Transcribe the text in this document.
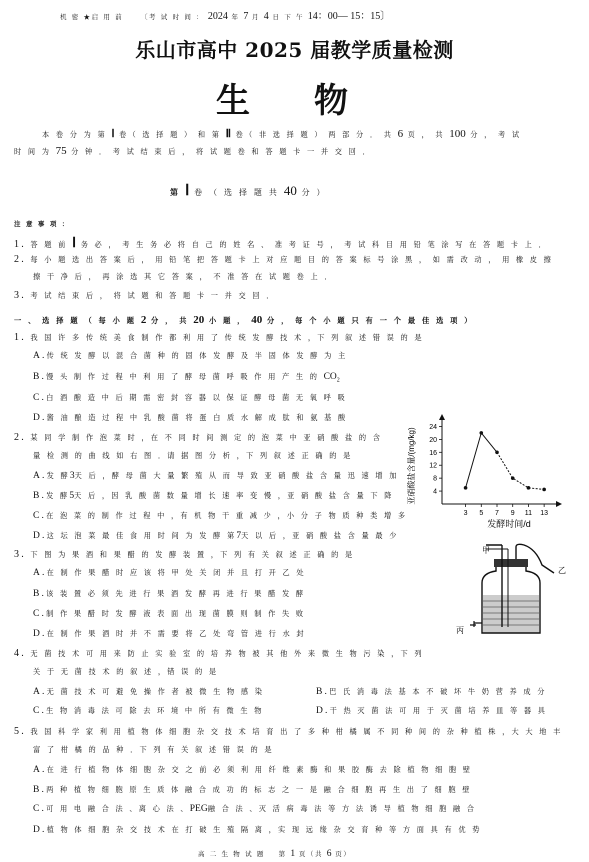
机 密 ★启 用 前	〔考 试 时 间 ： 2024 年 7 月 4 日 下 午 14：00— 15：15〕
乐山市高中 2025 届教学质量检测
生物
本 卷 分 为 第 Ⅰ 卷（ 选 择 题 ） 和 第 Ⅱ 卷（ 非 选 择 题 ） 两 部 分 ． 共 6 页 ， 共 100 分 ， 考 试
时 间 为 75 分 钟 ． 考 试 结 束 后 ， 将 试 题 卷 和 答 题 卡 一 并 交 回 ．
第 Ⅰ 卷 （ 选 择 题 共 40 分 ）
注 意 事 项 ：
1. 答 题 前 Ⅰ 务 必 ， 考 生 务 必 将 自 己 的 姓 名 、 准 考 证 号 ， 考 试 科 目 用 铅 笔 涂 写 在 答 题 卡 上 ．
2. 每 小 题 选 出 答 案 后 ， 用 铅 笔 把 答 题 卡 上 对 应 题 目 的 答 案 标 号 涂 黑 ， 如 需 改 动 ， 用 橡 皮 擦
擦 干 净 后 ， 再 涂 选 其 它 答 案 ， 不 准 答 在 试 题 卷 上 ．
3. 考 试 结 束 后 ， 将 试 题 和 答 题 卡 一 并 交 回 ．
一 、 选 择 题 （ 每 小 题 2 分 ， 共 20 小 题 ， 40 分 ， 每 个 小 题 只 有 一 个 最 佳 选 项 ）
1. 我 国 许 多 传 统 美 食 制 作 都 利 用 了 传 统 发 酵 技 术 ，下 列 叙 述 错 误 的 是
A.传 统 发 酵 以 混 合 菌 种 的 固 体 发 酵 及 半 固 体 发 酵 为 主
B.馒 头 制 作 过 程 中 利 用 了 酵 母 菌 呼 吸 作 用 产 生 的 $CO_2$
C.白 酒 酿 造 中 后 期 需 密 封 容 器 以 保 证 酵 母 菌 无 氧 呼 吸
D.酱 油 酿 造 过 程 中 乳 酸 菌 将 蛋 白 质 水 解 成 肽 和 氨 基 酸
2. 某 同 学 制 作 泡 菜 时 ，在 不 同 时 间 测 定 的 泡 菜 中 亚 硝 酸 盐 的 含
量 检 测 的 曲 线 如 右 图 ．请 据 图 分 析 ，下 列 叙 述 正 确 的 是
A.发 酵3天 后 ，酵 母 菌 大 量 繁 殖 从 而 导 致 亚 硝 酸 盐 含 量 迅 速 增 加
B.发 酵5天 后 ，因 乳 酸 菌 数 量 增 长 速 率 变 慢 ，亚 硝 酸 盐 含 量 下 降
C.在 泡 菜 的 制 作 过 程 中 ，有 机 物 干 重 减 少 ，小 分 子 物 质 种 类 增 多
D.这 坛 泡 菜 最 佳 食 用 时 间 为 发 酵 第7天 以 后 ，亚 硝 酸 盐 含 量 最 少
3. 下 图 为 果 酒 和 果 醋 的 发 酵 装 置 ，下 列 有 关 叙 述 正 确 的 是
A.在 制 作 果 醋 时 应 该 将 甲 处 关 闭 并 且 打 开 乙 处
B.该 装 置 必 须 先 进 行 果 酒 发 酵 再 进 行 果 醋 发 酵
C.制 作 果 醋 时 发 酵 液 表 面 出 现 菌 膜 则 制 作 失 败
D.在 制 作 果 酒 时 并 不 需 要 将 乙 处 弯 管 进 行 水 封
4. 无 菌 技 术 可 用 来 防 止 实 验 室 的 培 养 物 被 其 他 外 来 微 生 物 污 染 ，下 列
关 于 无 菌 技 术 的 叙 述 ，错 误 的 是
A.无 菌 技 术 可 避 免 操 作 者 被 微 生 物 感 染	B.巴 氏 消 毒 法 基 本 不 破 坏 牛 奶 营 养 成 分
C.生 物 消 毒 法 可 除 去 环 境 中 所 有 微 生 物	D.干 热 灭 菌 法 可 用 于 灭 菌 培 养 皿 等 器 具
5. 我 国 科 学 家 利 用 植 物 体 细 胞 杂 交 技 术 培 育 出 了 多 种 柑 橘 属 不 同 种 间 的 杂 种 植 株 ，大 大 地 丰
富 了 柑 橘 的 品 种 ．下 列 有 关 叙 述 错 误 的 是
A.在 进 行 植 物 体 细 胞 杂 交 之 前 必 须 利 用 纤 维 素 酶 和 果 胶 酶 去 除 植 物 细 胞 壁
B.两 种 植 物 细 胞 原 生 质 体 融 合 成 功 的 标 志 之 一 是 融 合 细 胞 再 生 出 了 细 胞 壁
C.可 用 电 融 合 法 、离 心 法 、PEG融 合 法 、灭 活 病 毒 法 等 方 法 诱 导 植 物 细 胞 融 合
D.植 物 体 细 胞 杂 交 技 术 在 打 破 生 殖 隔 离 ，实 现 远 缘 杂 交 育 种 等 方 面 具 有 优 势
高 二 生 物 试 题 第 1 页（共 6 页）
4
8
12
16
20
24
3 5 7 9 11 13
发酵时间/d
亚硝酸盐含量/(mg/kg)
甲
乙
丙
